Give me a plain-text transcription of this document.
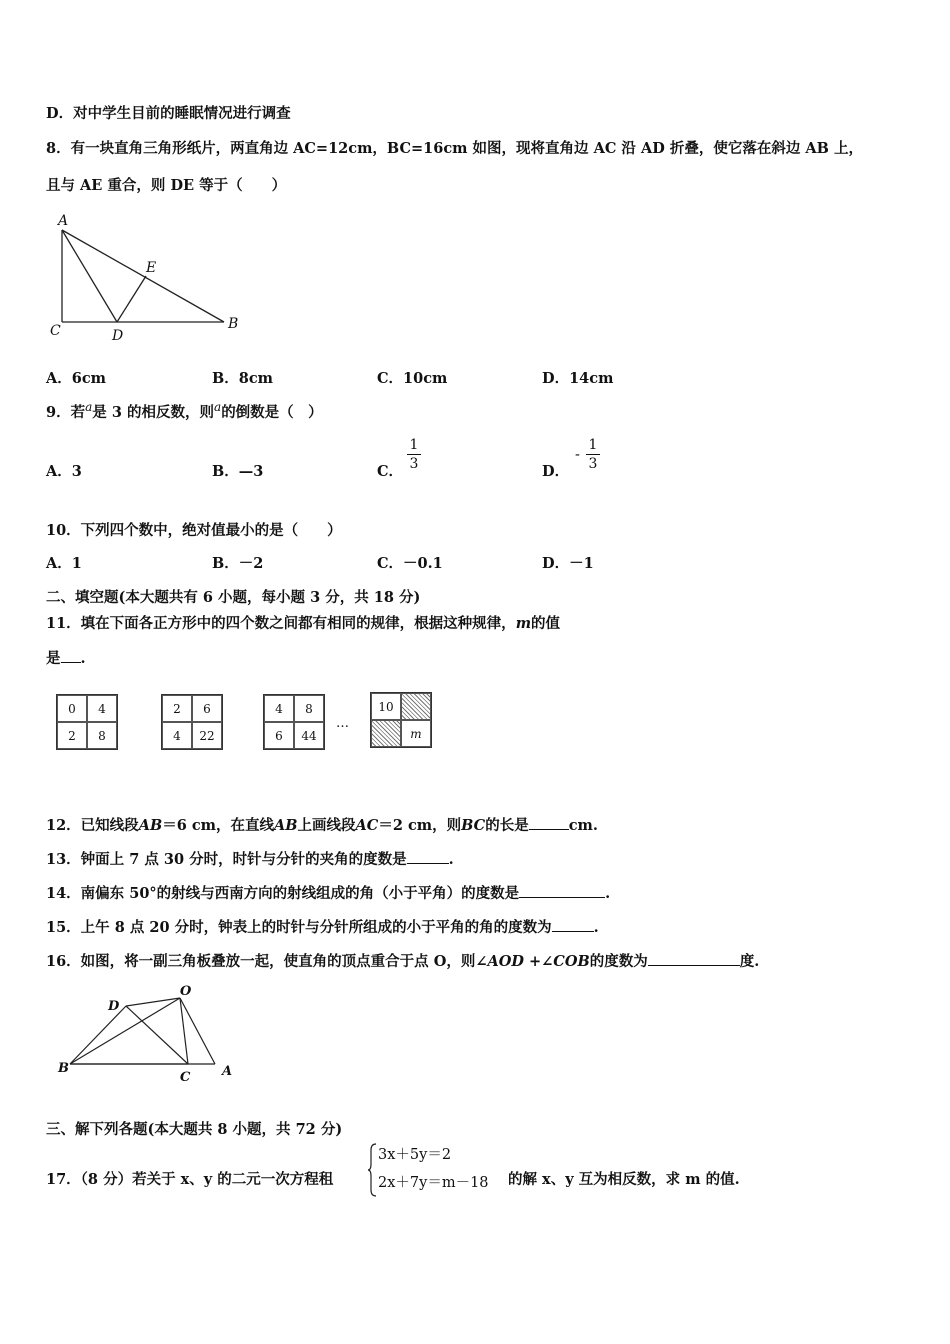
D．对中学生目前的睡眠情况进行调查
8．有一块直角三角形纸片，两直角边 AC=12cm，BC=16cm 如图，现将直角边 AC 沿 AD 折叠，使它落在斜边 AB 上，
且与 AE 重合，则 DE 等于（　　）
A
E
C	D
B
A．6cm	B．8cm	C．10cm	D．14cm
9．若$^a$是 3 的相反数，则$^a$的倒数是（　）
A．3	B．—3	C． $\frac{1}{3}$	D．
- $\frac{1}{3}$
10．下列四个数中，绝对值最小的是（　　）
A．1	B．－2	C．－0.1	D．－1
二、填空题(本大题共有 6 小题，每小题 3 分，共 18 分)
11．填在下面各正方形中的四个数之间都有相同的规律，根据这种规律，m的值
是 .
0	4
2	8
2	6
4	22
4	8
6	44
…
10
m
12．已知线段AB＝6 cm，在直线AB上画线段AC＝2 cm，则BC的长是	cm.
13．钟面上 7 点 30 分时，时针与分针的夹角的度数是	.
14．南偏东 50°的射线与西南方向的射线组成的角（小于平角）的度数是	.
15．上午 8 点 20 分时，钟表上的时针与分针所组成的小于平角的角的度数为	.
16．如图，将一副三角板叠放一起，使直角的顶点重合于点 O，则∠AOD +∠COB的度数为	度.
O
D
B
C A
三、解下列各题(本大题共 8 小题，共 72 分)
17．（8 分）若关于 x、y 的二元一次方程租
3x＋5y＝2
2x＋7y＝m－18 的解 x、y 互为相反数，求 m 的值.
